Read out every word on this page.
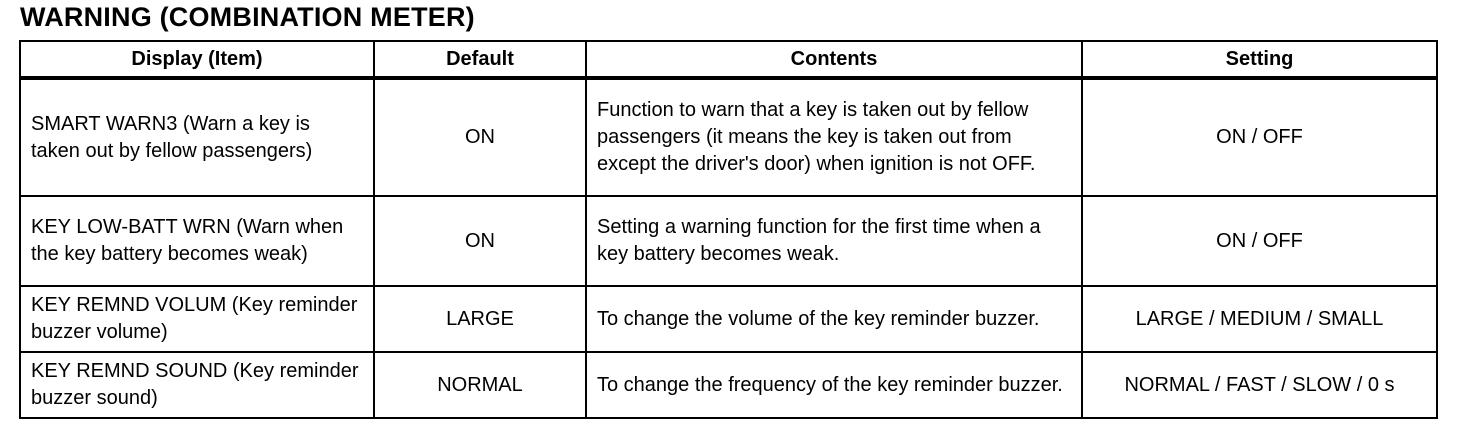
WARNING (COMBINATION METER)
Display (Item)	Default	Contents	Setting
SMART WARN3 (Warn a key is taken out by fellow passengers)	ON	Function to warn that a key is taken out by fellow passengers (it means the key is taken out from except the driver's door) when ignition is not OFF.	ON / OFF
KEY LOW-BATT WRN (Warn when the key battery becomes weak)	ON	Setting a warning function for the first time when a key battery becomes weak.	ON / OFF
KEY REMND VOLUM (Key reminder buzzer volume)	LARGE	To change the volume of the key reminder buzzer.	LARGE / MEDIUM / SMALL
KEY REMND SOUND (Key reminder buzzer sound)	NORMAL	To change the frequency of the key reminder buzzer.	NORMAL / FAST / SLOW / 0 s
